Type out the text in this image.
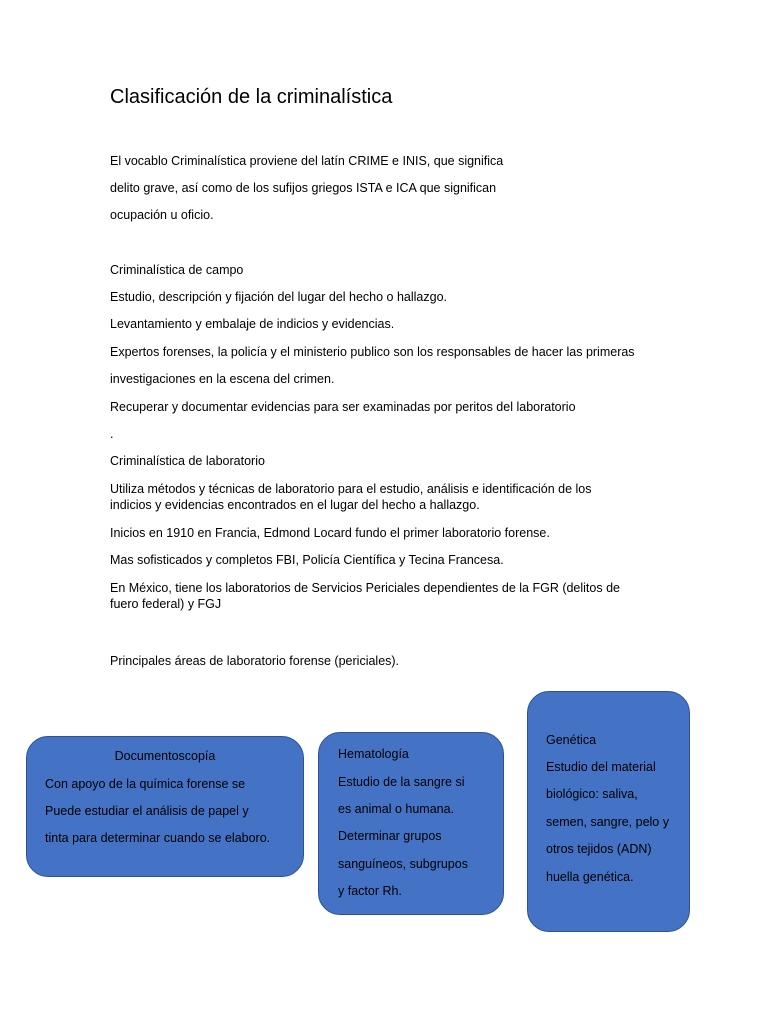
Clasificación de la criminalística

El vocablo Criminalística proviene del latín CRIME e INIS, que significa

delito grave, así como de los sufijos griegos ISTA e ICA que significan

ocupación u oficio.

Criminalística de campo

Estudio, descripción y fijación del lugar del hecho o hallazgo.

Levantamiento y embalaje de indicios y evidencias.

Expertos forenses, la policía y el ministerio publico son los responsables de hacer las primeras

investigaciones en la escena del crimen.

Recuperar y documentar evidencias para ser examinadas por peritos del laboratorio

.

Criminalística de laboratorio

Utiliza métodos y técnicas de laboratorio para el estudio, análisis e identificación de los indicios y evidencias encontrados en el lugar del hecho a hallazgo.

Inicios en 1910 en Francia, Edmond Locard fundo el primer laboratorio forense.

Mas sofisticados y completos FBI, Policía Científica y Tecina Francesa.

En México, tiene los laboratorios de Servicios Periciales dependientes de la FGR (delitos de fuero federal) y FGJ

Principales áreas de laboratorio forense (periciales).

Documentoscopía

Con apoyo de la química forense se

Puede estudiar el análisis de papel y

tinta para determinar cuando se elaboro.

Hematología

Estudio de la sangre si

es animal o humana.

Determinar grupos

sanguíneos, subgrupos

y factor Rh.

Genética

Estudio del material

biológico: saliva,

semen, sangre, pelo y

otros tejidos (ADN)

huella genética.
